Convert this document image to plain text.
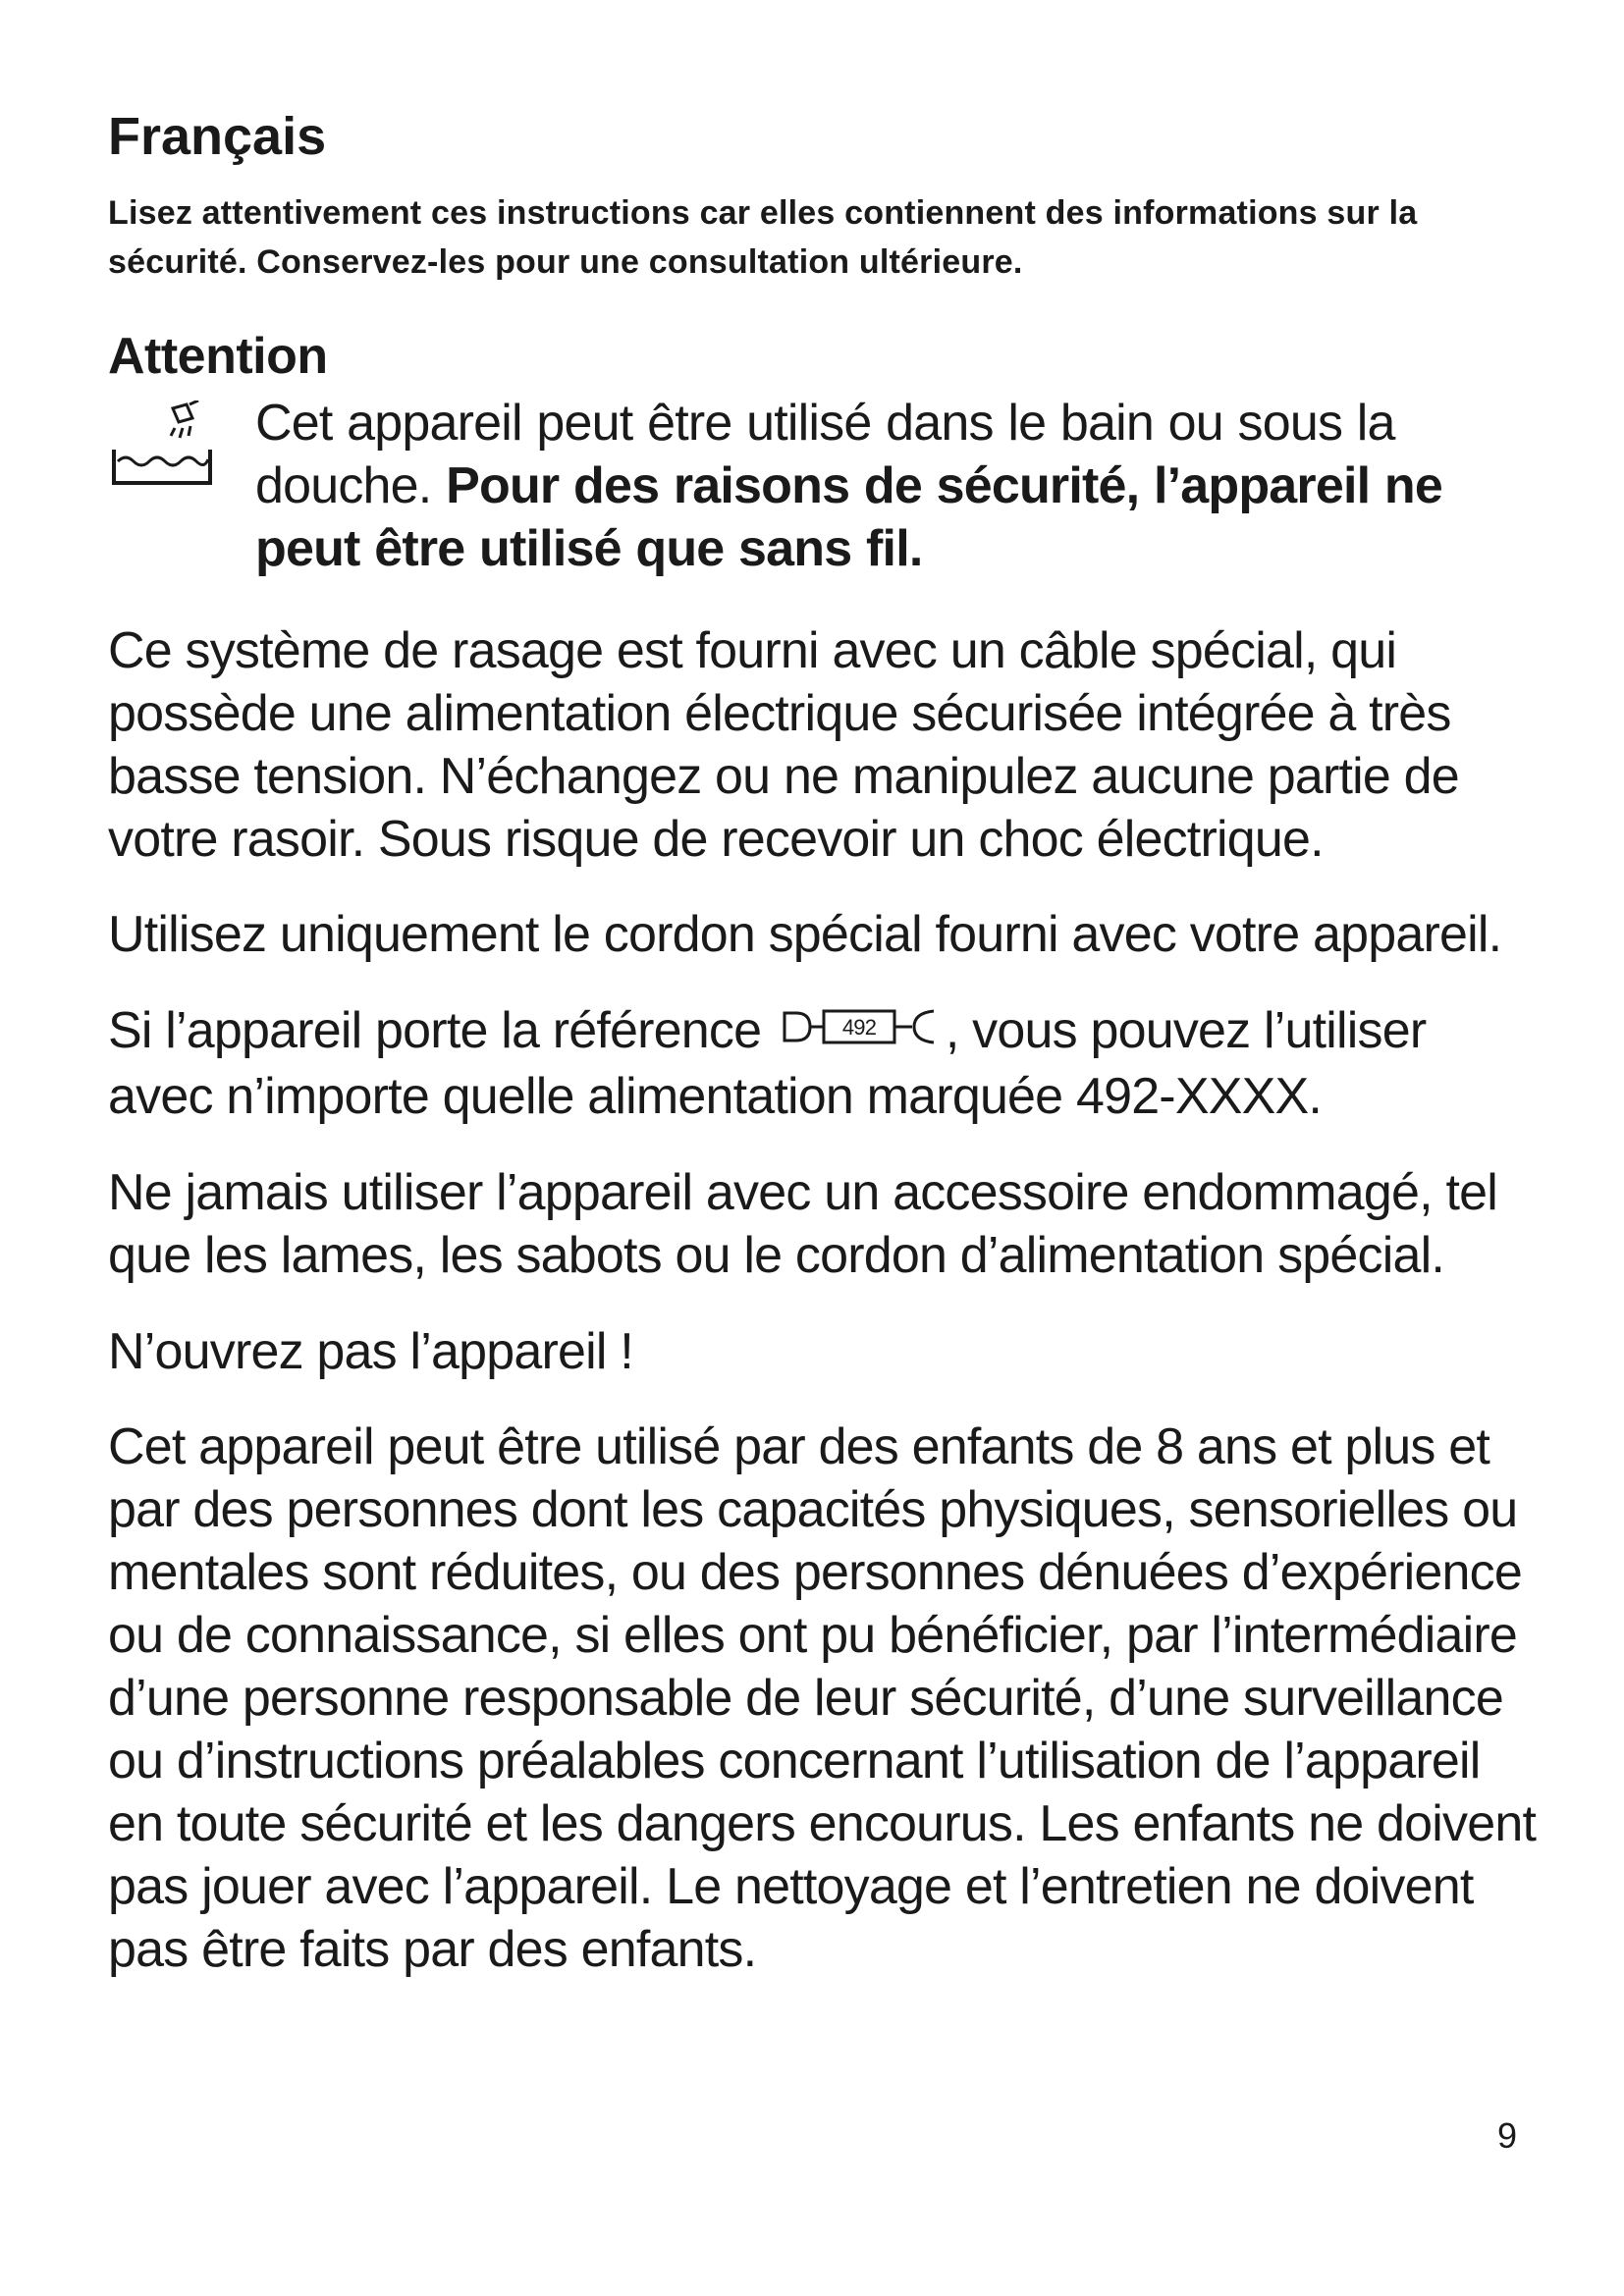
Français

Lisez attentivement ces instructions car elles contiennent des informations sur la sécurité. Conservez-les pour une consultation ultérieure.

Attention
Cet appareil peut être utilisé dans le bain ou sous la douche. Pour des raisons de sécurité, l’appareil ne peut être utilisé que sans fil.

Ce système de rasage est fourni avec un câble spécial, qui possède une alimentation électrique sécurisée intégrée à très basse tension. N’échangez ou ne manipulez aucune partie de votre rasoir. Sous risque de recevoir un choc électrique.

Utilisez uniquement le cordon spécial fourni avec votre appareil.

Si l’appareil porte la référence	492 , vous pouvez l’utiliser avec n’importe quelle alimentation marquée 492-XXXX.

Ne jamais utiliser l’appareil avec un accessoire endommagé, tel que les lames, les sabots ou le cordon d’alimentation spécial.

N’ouvrez pas l’appareil !

Cet appareil peut être utilisé par des enfants de 8 ans et plus et par des personnes dont les capacités physiques, sensorielles ou mentales sont réduites, ou des personnes dénuées d’expérience ou de connaissance, si elles ont pu bénéficier, par l’intermédiaire d’une personne responsable de leur sécurité, d’une surveillance ou d’instructions préalables concernant l’utilisation de l’appareil en toute sécurité et les dangers encourus. Les enfants ne doivent pas jouer avec l’appareil. Le nettoyage et l’entretien ne doivent pas être faits par des enfants.

9
